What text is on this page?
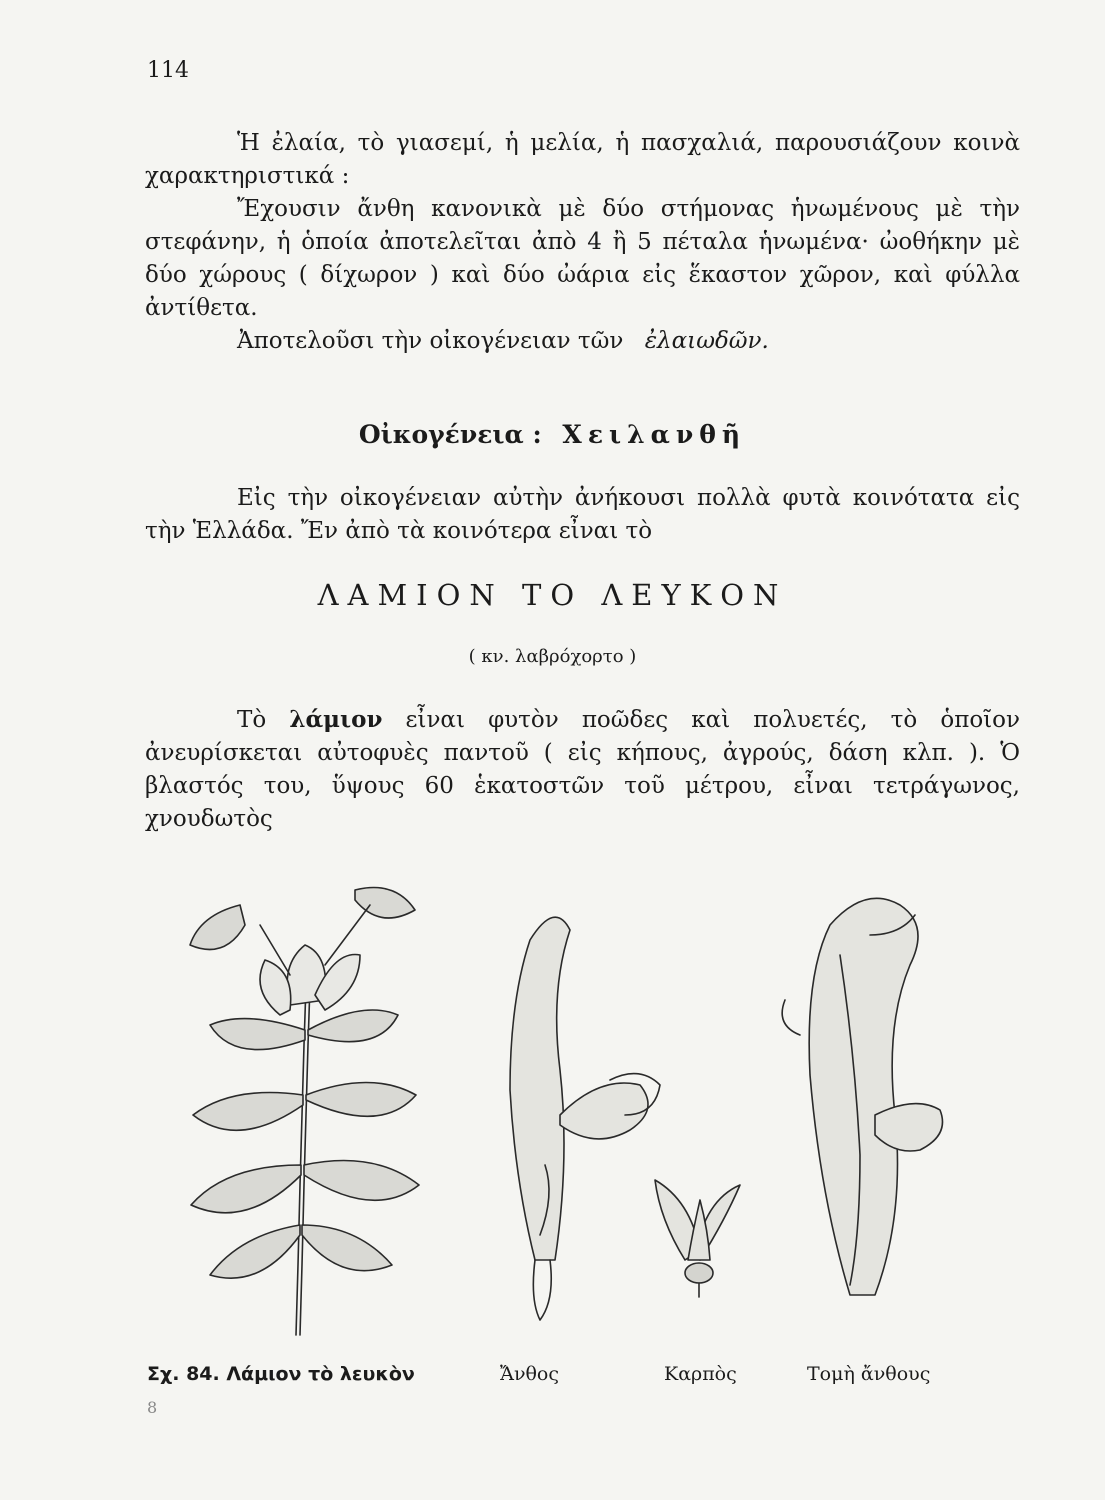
114

Ἡ ἐλαία, τὸ γιασεμί, ἡ μελία, ἡ πασχαλιά, παρουσιάζουν κοινὰ χαρακτηριστικά :

Ἔχουσιν ἄνθη κανονικὰ μὲ δύο στήμονας ἡνωμένους μὲ τὴν στεφάνην, ἡ ὁποία ἀποτελεῖται ἀπὸ 4 ἢ 5 πέταλα ἡνωμένα· ὠοθήκην μὲ δύο χώρους ( δίχωρον ) καὶ δύο ὠάρια εἰς ἕκαστον χῶρον, καὶ φύλλα ἀντίθετα.

Ἀποτελοῦσι τὴν οἰκογένειαν τῶν ἐλαιωδῶν.

Οἰκογένεια : Χειλανθῆ

Εἰς τὴν οἰκογένειαν αὐτὴν ἀνήκουσι πολλὰ φυτὰ κοινότατα εἰς τὴν Ἑλλάδα. Ἔν ἀπὸ τὰ κοινότερα εἶναι τὸ

ΛΑΜΙΟΝ ΤΟ ΛΕΥΚΟΝ
( κν. λαβρόχορτο )

Τὸ λάμιον εἶναι φυτὸν ποῶδες καὶ πολυετές, τὸ ὁποῖον ἀνευρίσκεται αὐτοφυὲς παντοῦ ( εἰς κήπους, ἀγρούς, δάση κλπ. ). Ὁ βλαστός του, ὕψους 60 ἑκατοστῶν τοῦ μέτρου, εἶναι τετράγωνος, χνουδωτὸς

Σχ. 84. Λάμιον τὸ λευκὸν	Ἄνθος	Καρπὸς	Τομὴ ἄνθους
8
